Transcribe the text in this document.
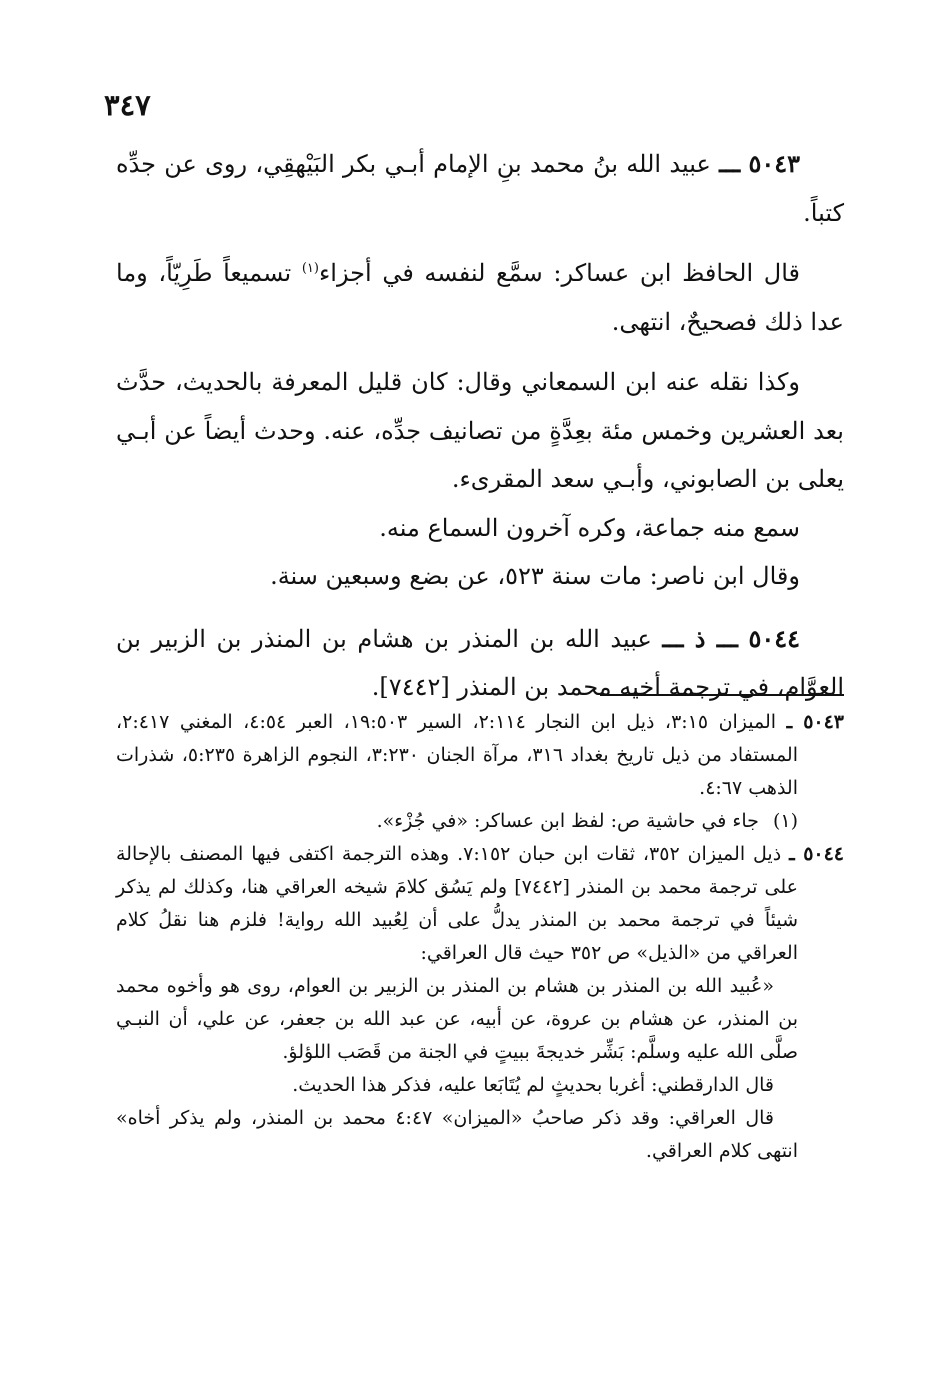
٣٤٧

٥٠٤٣ ـــ عبيد الله بنُ محمد بنِ الإمام أبـي بكر البَيْهقِي، روى عن جدِّه كتباً.

قال الحافظ ابن عساكر: سمَّع لنفسه في أجزاء$^{(١)}$ تسميعاً طَرِيّاً، وما عدا ذلك فصحيحٌ، انتهى.

وكذا نقله عنه ابن السمعاني وقال: كان قليل المعرفة بالحديث، حدَّث بعد العشرين وخمس مئة بعِدَّةٍ من تصانيف جدِّه، عنه. وحدث أيضاً عن أبـي يعلى بن الصابوني، وأبـي سعد المقرىء.

سمع منه جماعة، وكره آخرون السماع منه.

وقال ابن ناصر: مات سنة ٥٢٣، عن بضع وسبعين سنة.

٥٠٤٤ ـــ ذ ـــ عبيد الله بن المنذر بن هشام بن المنذر بن الزبير بن العوَّام، في ترجمة أخيه محمد بن المنذر [٧٤٤٢].

٥٠٤٣ ـ الميزان ٣:١٥، ذيل ابن النجار ٢:١١٤، السير ١٩:٥٠٣، العبر ٤:٥٤، المغني ٢:٤١٧، المستفاد من ذيل تاريخ بغداد ٣١٦، مرآة الجنان ٣:٢٣٠، النجوم الزاهرة ٥:٢٣٥، شذرات الذهب ٤:٦٧.

(١) جاء في حاشية ص: لفظ ابن عساكر: «في جُزْء».

٥٠٤٤ ـ ذيل الميزان ٣٥٢، ثقات ابن حبان ٧:١٥٢. وهذه الترجمة اكتفى فيها المصنف بالإحالة على ترجمة محمد بن المنذر [٧٤٤٢] ولم يَسُق كلامَ شيخه العراقي هنا، وكذلك لم يذكر شيئاً في ترجمة محمد بن المنذر يدلُّ على أن لِعُبيد الله رواية! فلزم هنا نقلُ كلام العراقي من «الذيل» ص ٣٥٢ حيث قال العراقي:

«عُبيد الله بن المنذر بن هشام بن المنذر بن الزبير بن العوام، روى هو وأخوه محمد بن المنذر، عن هشام بن عروة، عن أبيه، عن عبد الله بن جعفر، عن علي، أن النبـي صلَّى الله عليه وسلَّم: بَشِّر خديجةَ ببيتٍ في الجنة من قَصَب اللؤلؤ.

قال الدارقطني: أغربا بحديثٍ لم يُتَابَعا عليه، فذكر هذا الحديث.

قال العراقي: وقد ذكر صاحبُ «الميزان» ٤:٤٧ محمد بن المنذر، ولم يذكر أخاه» انتهى كلام العراقي.
